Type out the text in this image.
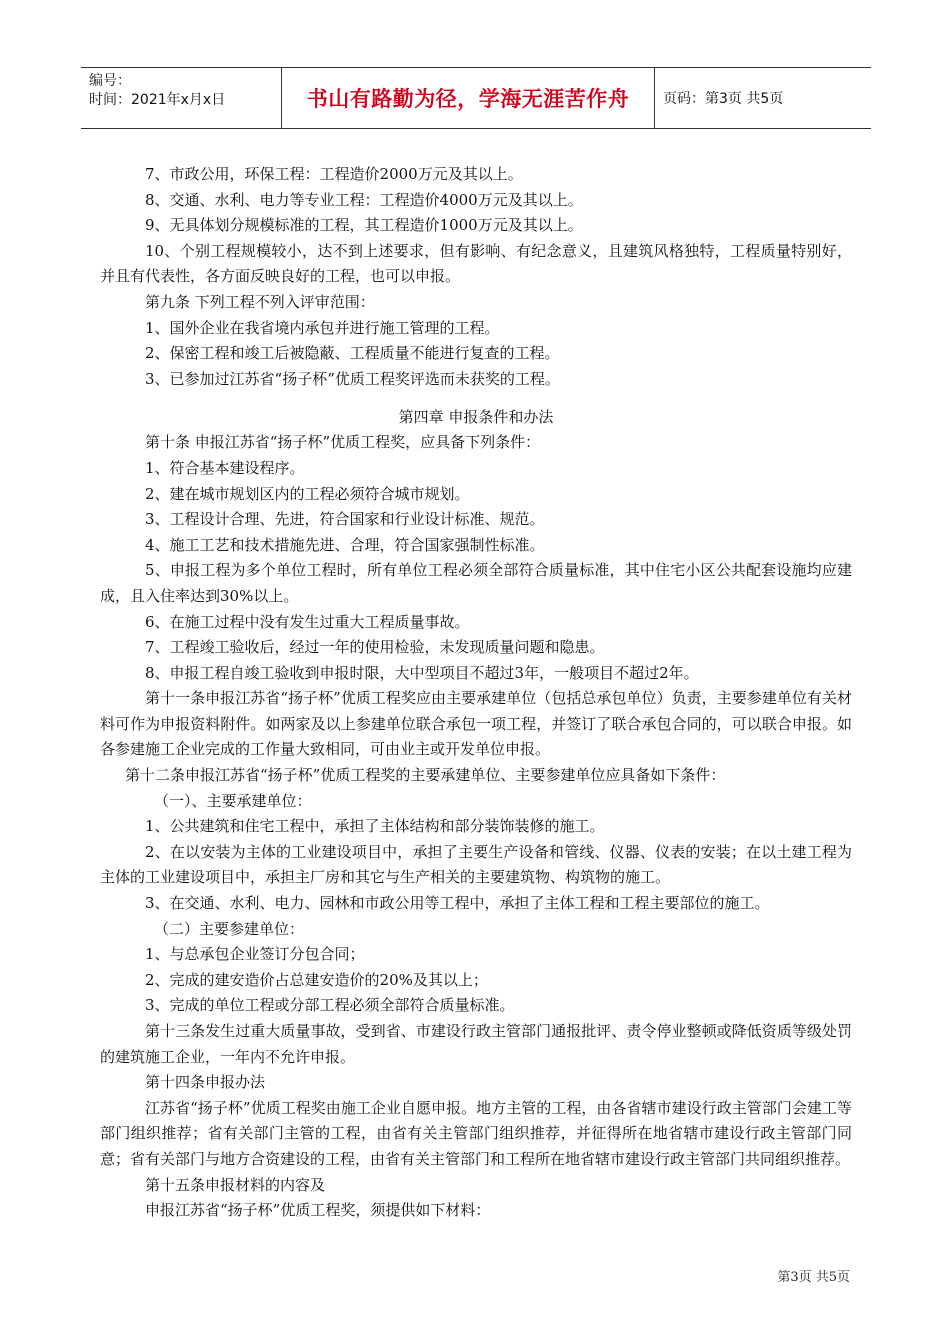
编号：
时间：2021年x月x日	书山有路勤为径，学海无涯苦作舟	页码：第3页 共5页

7、市政公用，环保工程：工程造价2000万元及其以上。

8、交通、水利、电力等专业工程：工程造价4000万元及其以上。

9、无具体划分规模标准的工程，其工程造价1000万元及其以上。

10、个别工程规模较小，达不到上述要求，但有影响、有纪念意义，且建筑风格独特，工程质量特别好，并且有代表性，各方面反映良好的工程，也可以申报。

第九条 下列工程不列入评审范围：

1、国外企业在我省境内承包并进行施工管理的工程。

2、保密工程和竣工后被隐蔽、工程质量不能进行复查的工程。

3、已参加过江苏省“扬子杯”优质工程奖评选而未获奖的工程。

第四章 申报条件和办法

第十条 申报江苏省“扬子杯”优质工程奖，应具备下列条件：

1、符合基本建设程序。

2、建在城市规划区内的工程必须符合城市规划。

3、工程设计合理、先进，符合国家和行业设计标准、规范。

4、施工工艺和技术措施先进、合理，符合国家强制性标准。

5、申报工程为多个单位工程时，所有单位工程必须全部符合质量标准，其中住宅小区公共配套设施均应建成，且入住率达到30%以上。

6、在施工过程中没有发生过重大工程质量事故。

7、工程竣工验收后，经过一年的使用检验，未发现质量问题和隐患。

8、申报工程自竣工验收到申报时限，大中型项目不超过3年，一般项目不超过2年。

第十一条申报江苏省“扬子杯”优质工程奖应由主要承建单位（包括总承包单位）负责，主要参建单位有关材料可作为申报资料附件。如两家及以上参建单位联合承包一项工程，并签订了联合承包合同的，可以联合申报。如各参建施工企业完成的工作量大致相同，可由业主或开发单位申报。

第十二条申报江苏省“扬子杯”优质工程奖的主要承建单位、主要参建单位应具备如下条件：

（一）、主要承建单位：

1、公共建筑和住宅工程中，承担了主体结构和部分装饰装修的施工。

2、在以安装为主体的工业建设项目中，承担了主要生产设备和管线、仪器、仪表的安装；在以土建工程为主体的工业建设项目中，承担主厂房和其它与生产相关的主要建筑物、构筑物的施工。

3、在交通、水利、电力、园林和市政公用等工程中，承担了主体工程和工程主要部位的施工。

（二）主要参建单位：

1、与总承包企业签订分包合同；

2、完成的建安造价占总建安造价的20%及其以上；

3、完成的单位工程或分部工程必须全部符合质量标准。

第十三条发生过重大质量事故，受到省、市建设行政主管部门通报批评、责令停业整顿或降低资质等级处罚的建筑施工企业，一年内不允许申报。

第十四条申报办法

江苏省“扬子杯”优质工程奖由施工企业自愿申报。地方主管的工程，由各省辖市建设行政主管部门会建工等部门组织推荐；省有关部门主管的工程，由省有关主管部门组织推荐，并征得所在地省辖市建设行政主管部门同意；省有关部门与地方合资建设的工程，由省有关主管部门和工程所在地省辖市建设行政主管部门共同组织推荐。

第十五条申报材料的内容及

申报江苏省“扬子杯”优质工程奖，须提供如下材料：

第3页 共5页
